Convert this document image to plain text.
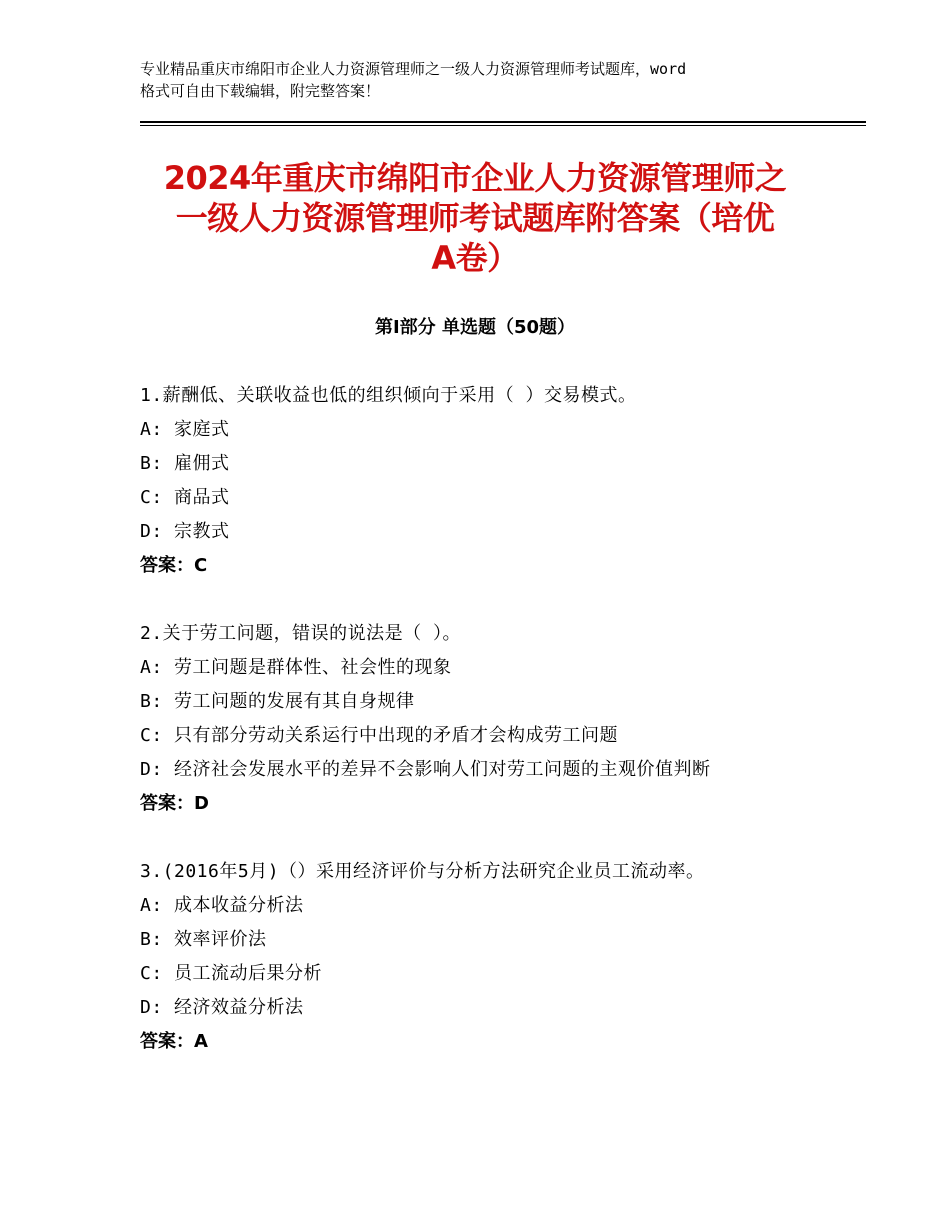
专业精品重庆市绵阳市企业人力资源管理师之一级人力资源管理师考试题库，word

格式可自由下载编辑，附完整答案！

2024年重庆市绵阳市企业人力资源管理师之
一级人力资源管理师考试题库附答案（培优
A卷）
第Ⅰ部分 单选题（50题）
1.薪酬低、关联收益也低的组织倾向于采用（ ）交易模式。
A: 家庭式
B: 雇佣式
C: 商品式
D: 宗教式
答案：C
2.关于劳工问题，错误的说法是（ ）。
A: 劳工问题是群体性、社会性的现象
B: 劳工问题的发展有其自身规律
C: 只有部分劳动关系运行中出现的矛盾才会构成劳工问题
D: 经济社会发展水平的差异不会影响人们对劳工问题的主观价值判断
答案：D
3.(2016年5月)（）采用经济评价与分析方法研究企业员工流动率。
A: 成本收益分析法
B: 效率评价法
C: 员工流动后果分析
D: 经济效益分析法
答案：A
